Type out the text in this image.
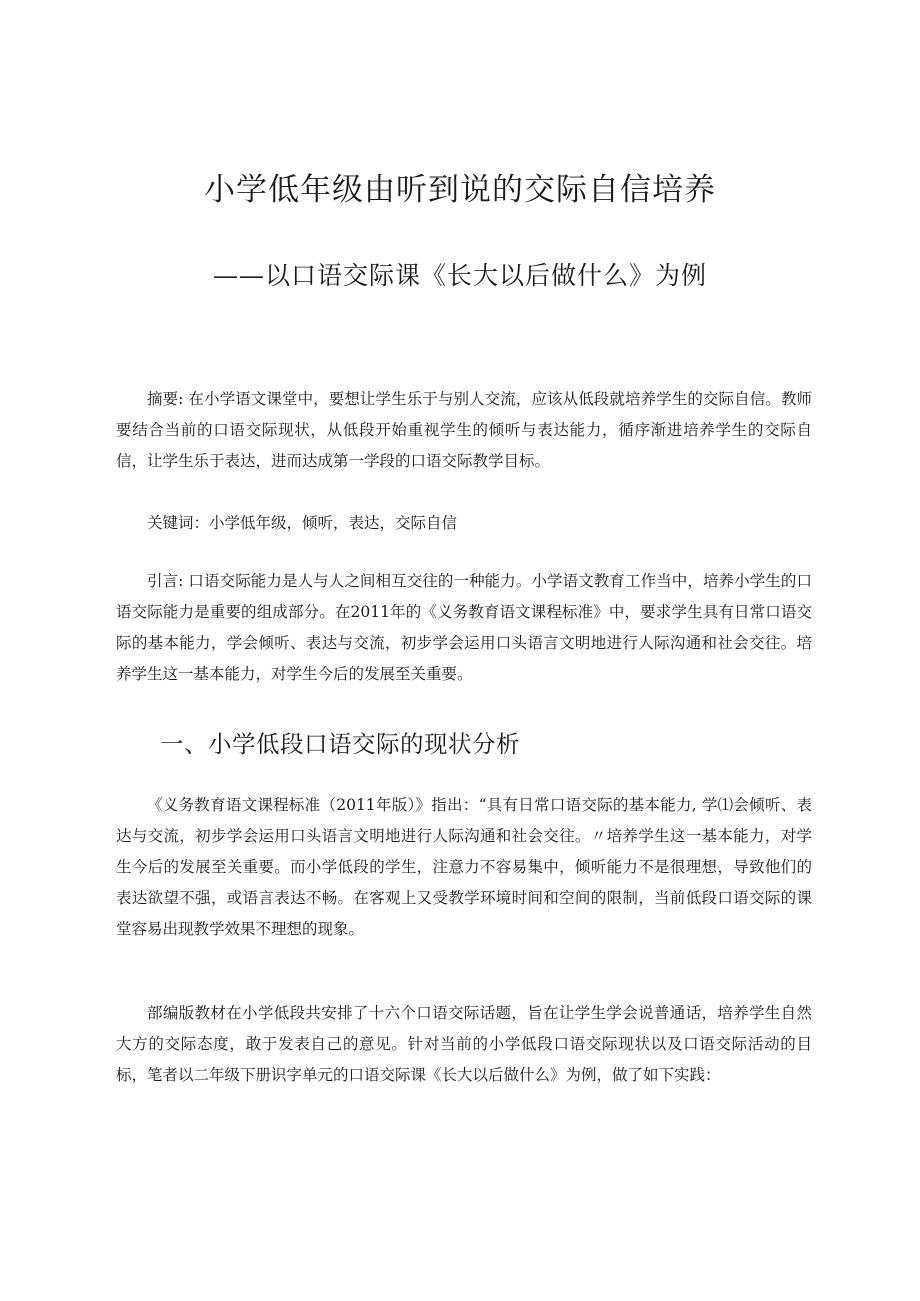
小学低年级由听到说的交际自信培养
——以口语交际课《长大以后做什么》为例

摘要: 在小学语文课堂中，要想让学生乐于与别人交流，应该从低段就培养学生的交际自信。教师要结合当前的口语交际现状，从低段开始重视学生的倾听与表达能力，循序渐进培养学生的交际自信，让学生乐于表达，进而达成第一学段的口语交际教学目标。

关键词：小学低年级，倾听，表达，交际自信

引言: 口语交际能力是人与人之间相互交往的一种能力。小学语文教育工作当中，培养小学生的口语交际能力是重要的组成部分。在2011年的《义务教育语文课程标准》中，要求学生具有日常口语交际的基本能力，学会倾听、表达与交流，初步学会运用口头语言文明地进行人际沟通和社会交往。培养学生这一基本能力，对学生今后的发展至关重要。

一、小学低段口语交际的现状分析

《义务教育语文课程标准（2011年版）》指出：“具有日常口语交际的基本能力, 学⑴会倾听、表达与交流，初步学会运用口头语言文明地进行人际沟通和社会交往。〃培养学生这一基本能力，对学生今后的发展至关重要。而小学低段的学生，注意力不容易集中，倾听能力不是很理想，导致他们的表达欲望不强，或语言表达不畅。在客观上又受教学环境时间和空间的限制，当前低段口语交际的课堂容易出现教学效果不理想的现象。

部编版教材在小学低段共安排了十六个口语交际话题，旨在让学生学会说普通话，培养学生自然大方的交际态度，敢于发表自己的意见。针对当前的小学低段口语交际现状以及口语交际活动的目标，笔者以二年级下册识字单元的口语交际课《长大以后做什么》为例，做了如下实践：
